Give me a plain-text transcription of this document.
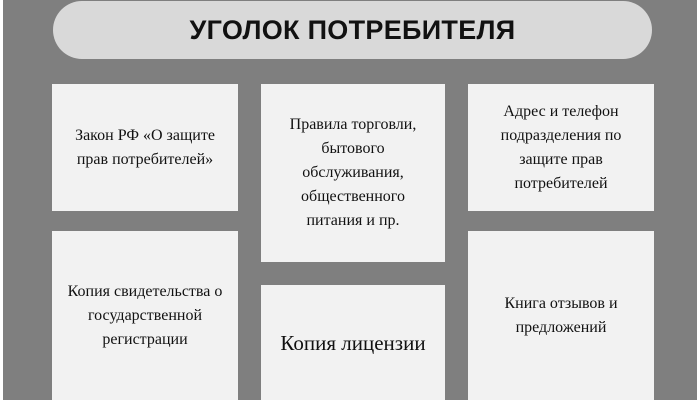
УГОЛОК ПОТРЕБИТЕЛЯ
Закон РФ «О защите прав потребителей»
Правила торговли, бытового обслуживания, общественного питания и пр.
Адрес и телефон подразделения по защите прав потребителей
Копия свидетельства о государственной регистрации	Копия лицензии
Книга отзывов и предложений
